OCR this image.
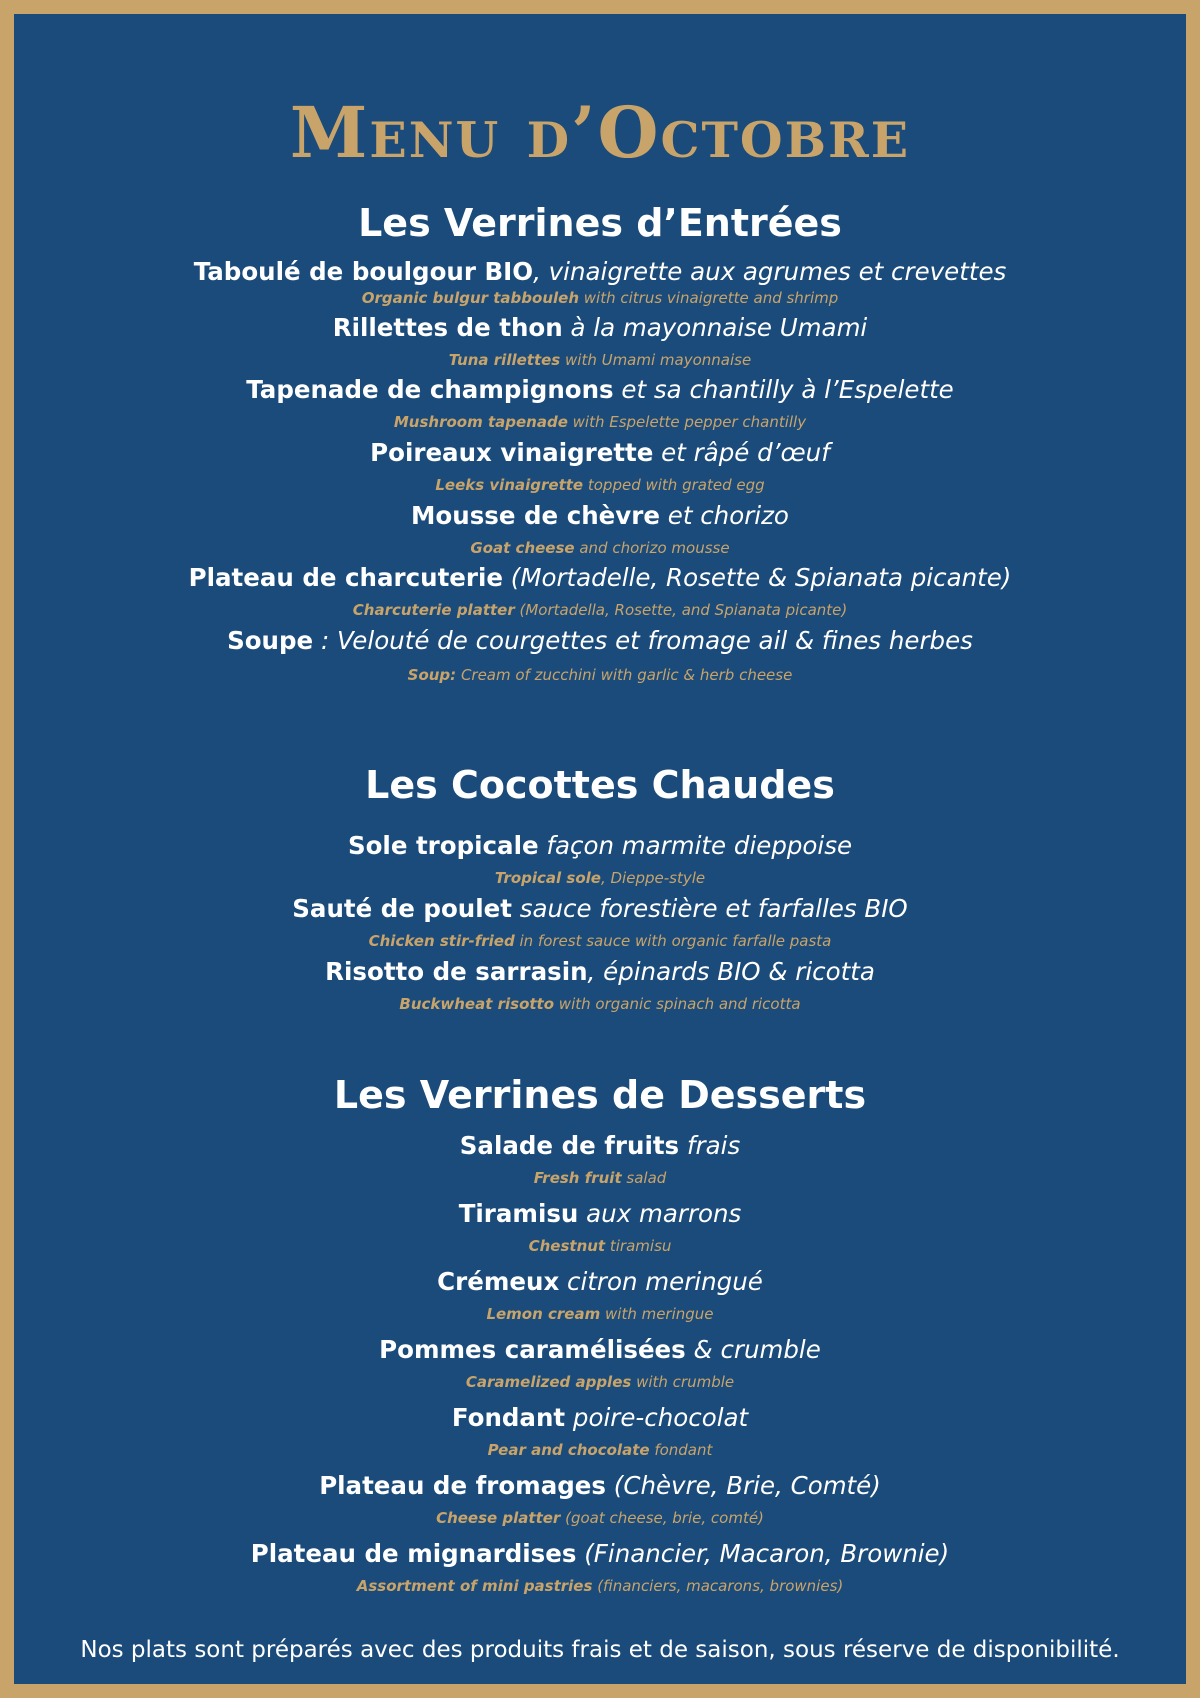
Menu d’Octobre
Les Verrines d’Entrées
Taboulé de boulgour BIO, vinaigrette aux agrumes et crevettes
Organic bulgur tabbouleh with citrus vinaigrette and shrimp
Rillettes de thon à la mayonnaise Umami
Tuna rillettes with Umami mayonnaise
Tapenade de champignons et sa chantilly à l’Espelette
Mushroom tapenade with Espelette pepper chantilly
Poireaux vinaigrette et râpé d’œuf
Leeks vinaigrette topped with grated egg
Mousse de chèvre et chorizo
Goat cheese and chorizo mousse
Plateau de charcuterie (Mortadelle, Rosette & Spianata picante)
Charcuterie platter (Mortadella, Rosette, and Spianata picante)
Soupe : Velouté de courgettes et fromage ail & fines herbes
Soup: Cream of zucchini with garlic & herb cheese
Les Cocottes Chaudes
Sole tropicale façon marmite dieppoise
Tropical sole, Dieppe-style
Sauté de poulet sauce forestière et farfalles BIO
Chicken stir-fried in forest sauce with organic farfalle pasta
Risotto de sarrasin, épinards BIO & ricotta
Buckwheat risotto with organic spinach and ricotta
Les Verrines de Desserts
Salade de fruits frais
Fresh fruit salad
Tiramisu aux marrons
Chestnut tiramisu
Crémeux citron meringué
Lemon cream with meringue
Pommes caramélisées & crumble
Caramelized apples with crumble
Fondant poire-chocolat
Pear and chocolate fondant
Plateau de fromages (Chèvre, Brie, Comté)
Cheese platter (goat cheese, brie, comté)
Plateau de mignardises (Financier, Macaron, Brownie)
Assortment of mini pastries (financiers, macarons, brownies)

Nos plats sont préparés avec des produits frais et de saison, sous réserve de disponibilité.
